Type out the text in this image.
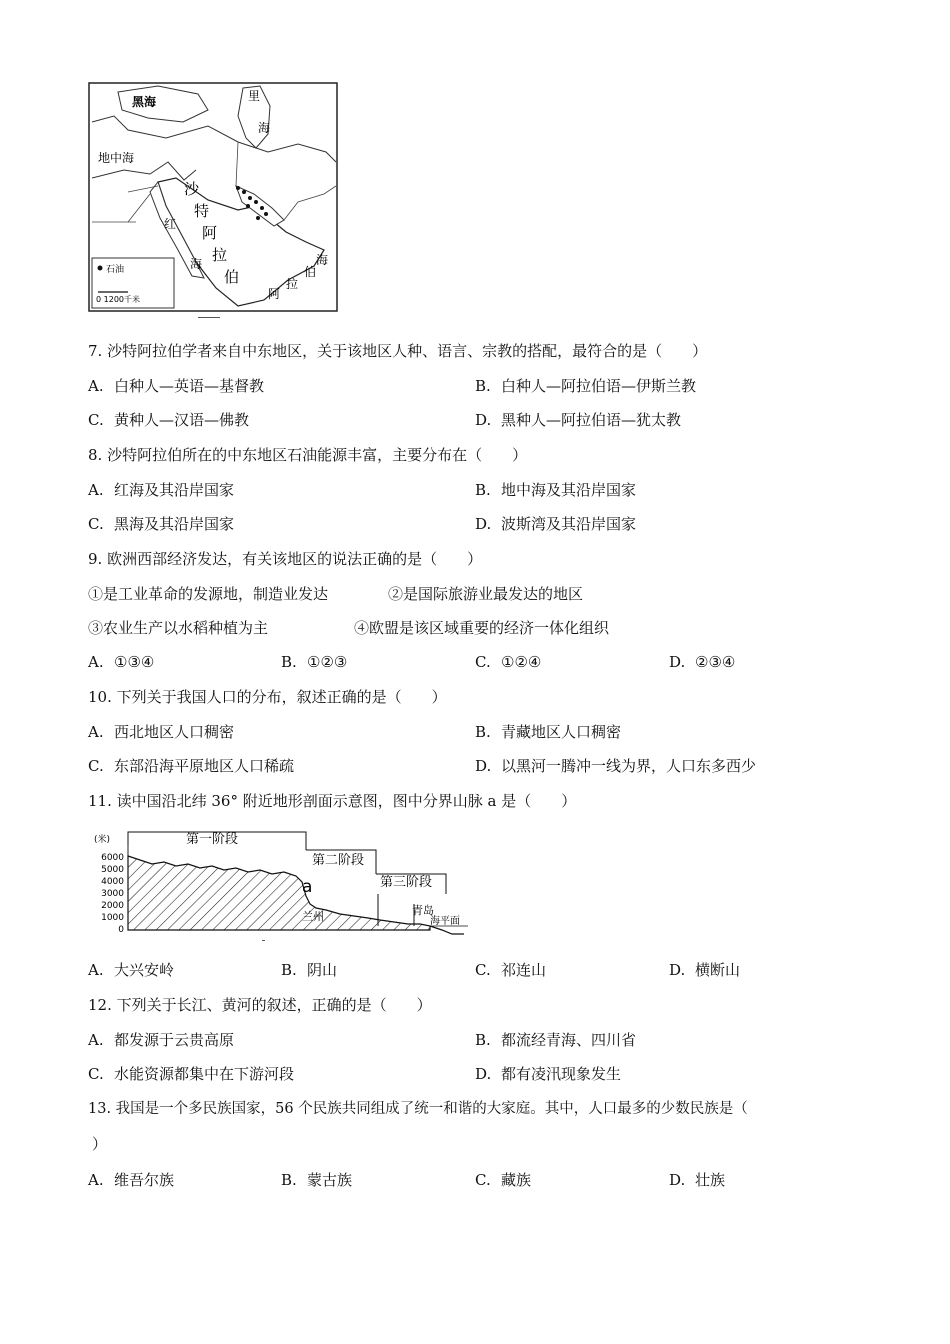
石油
0 1200千米
黑海	里
海
地中海
沙
特
阿
拉
伯
红
海	海
伯
拉
阿
7. 沙特阿拉伯学者来自中东地区，关于该地区人种、语言、宗教的搭配，最符合的是（　　）
A. 白种人—英语—基督教	B. 白种人—阿拉伯语—伊斯兰教
C. 黄种人—汉语—佛教	D. 黑种人—阿拉伯语—犹太教
8. 沙特阿拉伯所在的中东地区石油能源丰富，主要分布在（　　）
A. 红海及其沿岸国家	B. 地中海及其沿岸国家
C. 黑海及其沿岸国家	D. 波斯湾及其沿岸国家
9. 欧洲西部经济发达，有关该地区的说法正确的是（　　）
①是工业革命的发源地，制造业发达	②是国际旅游业最发达的地区
③农业生产以水稻种植为主	④欧盟是该区域重要的经济一体化组织
A. ①③④	B. ①②③	C. ①②④	D. ②③④
10. 下列关于我国人口的分布，叙述正确的是（　　）
A. 西北地区人口稠密	B. 青藏地区人口稠密
C. 东部沿海平原地区人口稀疏	D. 以黑河一腾冲一线为界，人口东多西少
11. 读中国沿北纬 36° 附近地形剖面示意图，图中分界山脉 a 是（　　）
(米)
6000
5000
4000
3000
2000
1000
0
第一阶段
第二阶段
第三阶段
a
兰州	青岛
海平面
A. 大兴安岭	B. 阴山	C. 祁连山	D. 横断山
12. 下列关于长江、黄河的叙述，正确的是（　　）
A. 都发源于云贵高原	B. 都流经青海、四川省
C. 水能资源都集中在下游河段	D. 都有凌汛现象发生
13. 我国是一个多民族国家，56 个民族共同组成了统一和谐的大家庭。其中，人口最多的少数民族是（
）
A. 维吾尔族	B. 蒙古族	C. 藏族	D. 壮族
